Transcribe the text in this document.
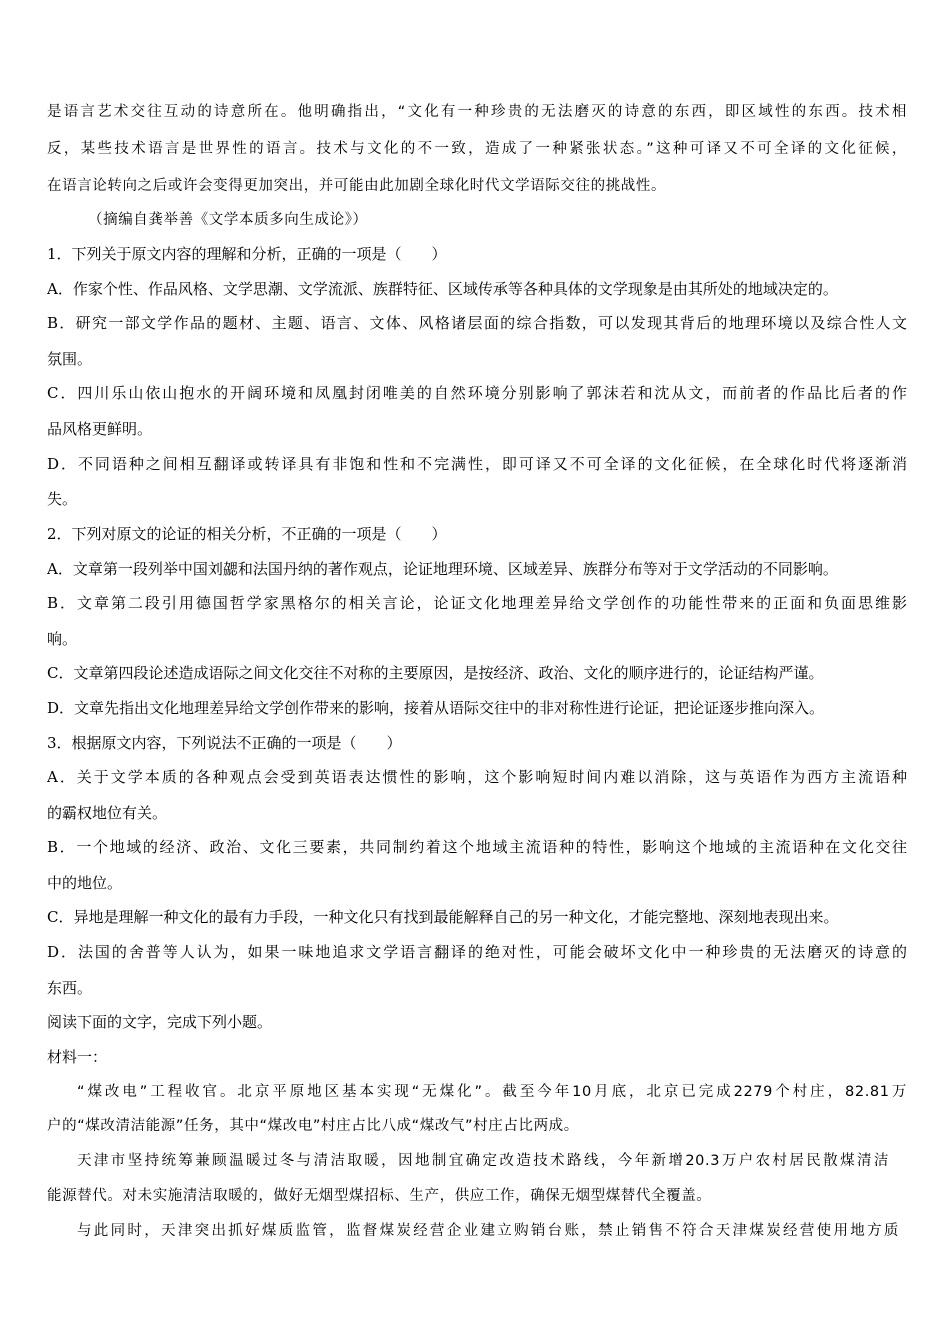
是语言艺术交往互动的诗意所在。他明确指出，“文化有一种珍贵的无法磨灭的诗意的东西，即区域性的东西。技术相
反，某些技术语言是世界性的语言。技术与文化的不一致，造成了一种紧张状态。”这种可译又不可全译的文化征候，
在语言论转向之后或许会变得更加突出，并可能由此加剧全球化时代文学语际交往的挑战性。
（摘编自龚举善《文学本质多向生成论》）
1．下列关于原文内容的理解和分析，正确的一项是（　　）
A．作家个性、作品风格、文学思潮、文学流派、族群特征、区域传承等各种具体的文学现象是由其所处的地域决定的。
B．研究一部文学作品的题材、主题、语言、文体、风格诸层面的综合指数，可以发现其背后的地理环境以及综合性人文
氛围。
C．四川乐山依山抱水的开阔环境和凤凰封闭唯美的自然环境分别影响了郭沫若和沈从文，而前者的作品比后者的作
品风格更鲜明。
D．不同语种之间相互翻译或转译具有非饱和性和不完满性，即可译又不可全译的文化征候，在全球化时代将逐渐消
失。
2．下列对原文的论证的相关分析，不正确的一项是（　　）
A．文章第一段列举中国刘勰和法国丹纳的著作观点，论证地理环境、区域差异、族群分布等对于文学活动的不同影响。
B．文章第二段引用德国哲学家黑格尔的相关言论，论证文化地理差异给文学创作的功能性带来的正面和负面思维影
响。
C．文章第四段论述造成语际之间文化交往不对称的主要原因，是按经济、政治、文化的顺序进行的，论证结构严谨。
D．文章先指出文化地理差异给文学创作带来的影响，接着从语际交往中的非对称性进行论证，把论证逐步推向深入。
3．根据原文内容，下列说法不正确的一项是（　　）
A．关于文学本质的各种观点会受到英语表达惯性的影响，这个影响短时间内难以消除，这与英语作为西方主流语种
的霸权地位有关。
B．一个地域的经济、政治、文化三要素，共同制约着这个地域主流语种的特性，影响这个地域的主流语种在文化交往
中的地位。
C．异地是理解一种文化的最有力手段，一种文化只有找到最能解释自己的另一种文化，才能完整地、深刻地表现出来。
D．法国的舍普等人认为，如果一味地追求文学语言翻译的绝对性，可能会破坏文化中一种珍贵的无法磨灭的诗意的
东西。
阅读下面的文字，完成下列小题。
材料一：
“煤改电”工程收官。北京平原地区基本实现“无煤化”。截至今年10月底，北京已完成2279个村庄，82.81万
户的“煤改清洁能源”任务，其中“煤改电”村庄占比八成“煤改气”村庄占比两成。
天津市坚持统筹兼顾温暖过冬与清洁取暖，因地制宜确定改造技术路线，今年新增20.3万户农村居民散煤清洁
能源替代。对未实施清洁取暖的，做好无烟型煤招标、生产，供应工作，确保无烟型煤替代全覆盖。
与此同时，天津突出抓好煤质监管，监督煤炭经营企业建立购销台账，禁止销售不符合天津煤炭经营使用地方质
